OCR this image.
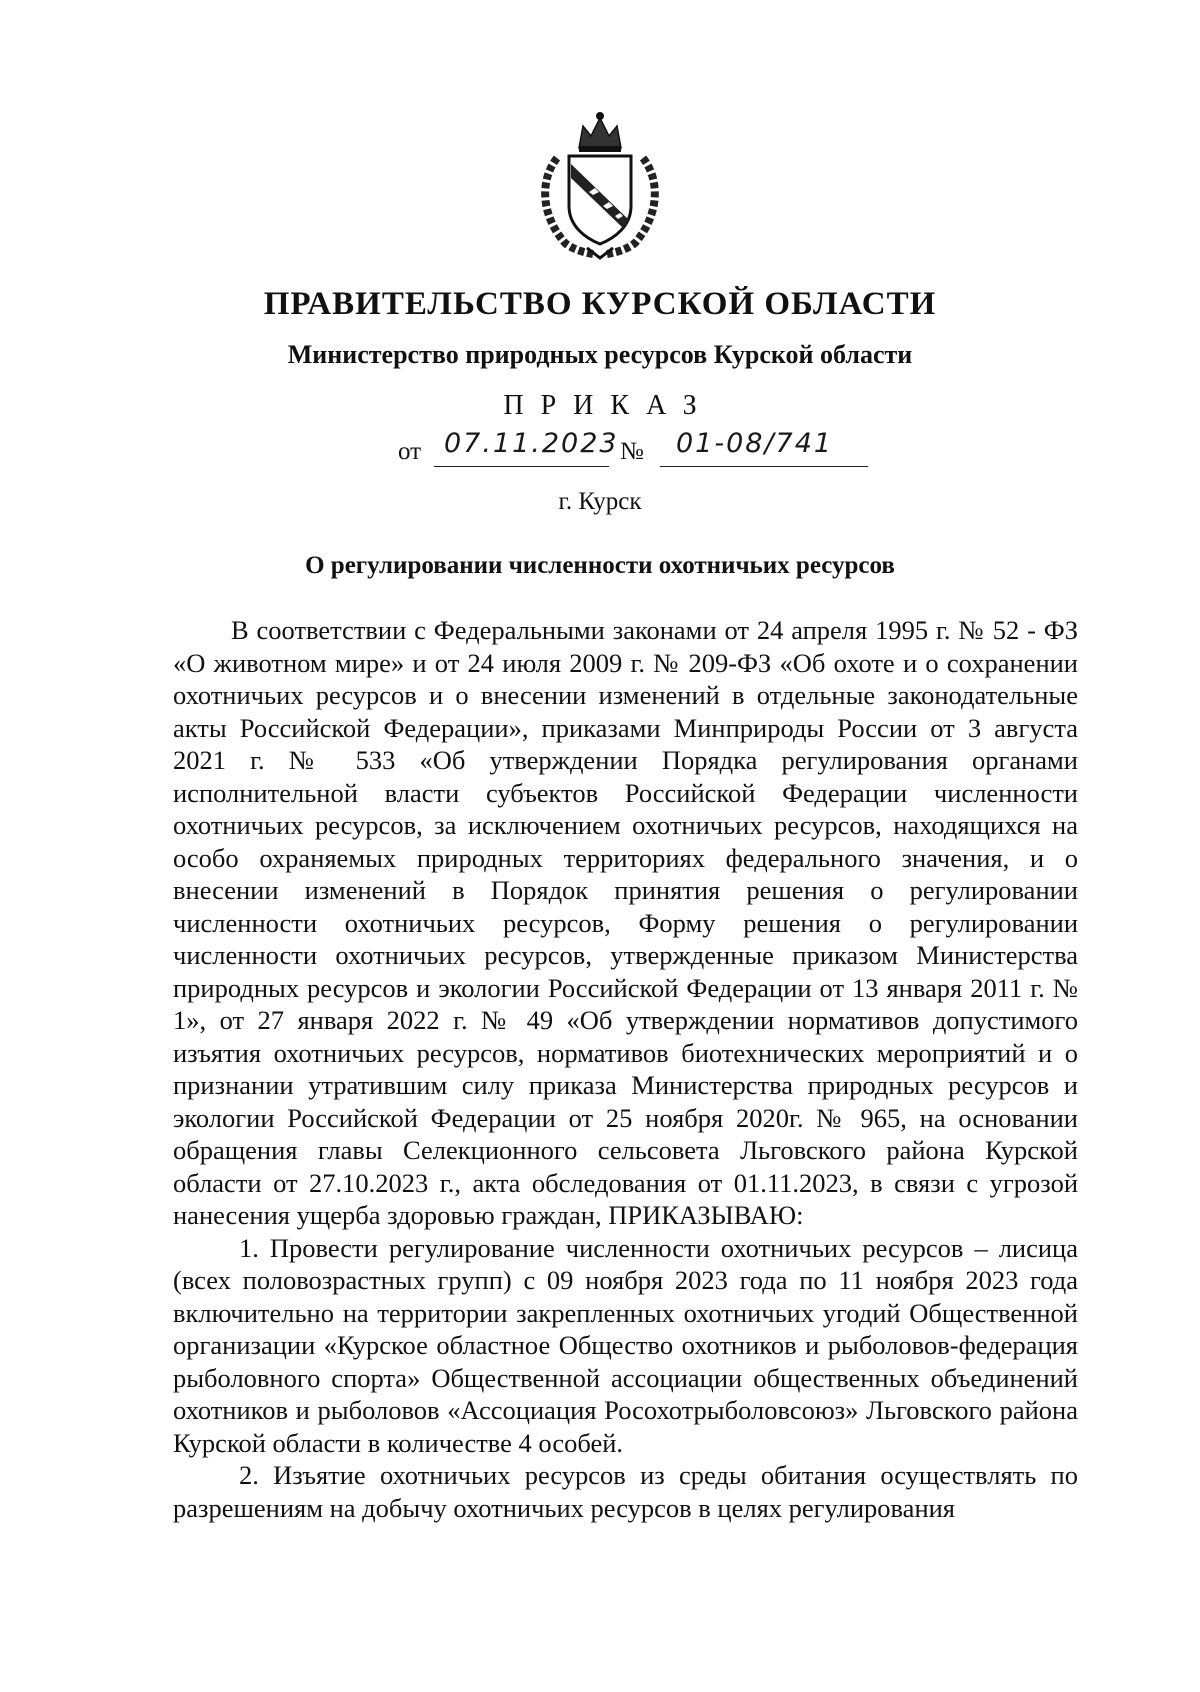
ПРАВИТЕЛЬСТВО КУРСКОЙ ОБЛАСТИ
Министерство природных ресурсов Курской области
ПРИКАЗ
от 07.11.2023 № 01-08/741
г. Курск
О регулировании численности охотничьих ресурсов

В соответствии с Федеральными законами от 24 апреля 1995 г. № 52 - ФЗ «О животном мире» и от 24 июля 2009 г. № 209-ФЗ «Об охоте и о сохранении охотничьих ресурсов и о внесении изменений в отдельные законодательные акты Российской Федерации», приказами Минприроды России от 3 августа 2021 г. № 533 «Об утверждении Порядка регулирования органами исполнительной власти субъектов Российской Федерации численности охотничьих ресурсов, за исключением охотничьих ресурсов, находящихся на особо охраняемых природных территориях федерального значения, и о внесении изменений в Порядок принятия решения о регулировании численности охотничьих ресурсов, Форму решения о регулировании численности охотничьих ресурсов, утвержденные приказом Министерства природных ресурсов и экологии Российской Федерации от 13 января 2011 г. № 1», от 27 января 2022 г. № 49 «Об утверждении нормативов допустимого изъятия охотничьих ресурсов, нормативов биотехнических мероприятий и о признании утратившим силу приказа Министерства природных ресурсов и экологии Российской Федерации от 25 ноября 2020г. № 965, на основании обращения главы Селекционного сельсовета Льговского района Курской области от 27.10.2023 г., акта обследования от 01.11.2023, в связи с угрозой нанесения ущерба здоровью граждан, ПРИКАЗЫВАЮ:

1. Провести регулирование численности охотничьих ресурсов – лисица (всех половозрастных групп) с 09 ноября 2023 года по 11 ноября 2023 года включительно на территории закрепленных охотничьих угодий Общественной организации «Курское областное Общество охотников и рыболовов-федерация рыболовного спорта» Общественной ассоциации общественных объединений охотников и рыболовов «Ассоциация Росохотрыболовсоюз» Льговского района Курской области в количестве 4 особей.

2. Изъятие охотничьих ресурсов из среды обитания осуществлять по разрешениям на добычу охотничьих ресурсов в целях регулирования
